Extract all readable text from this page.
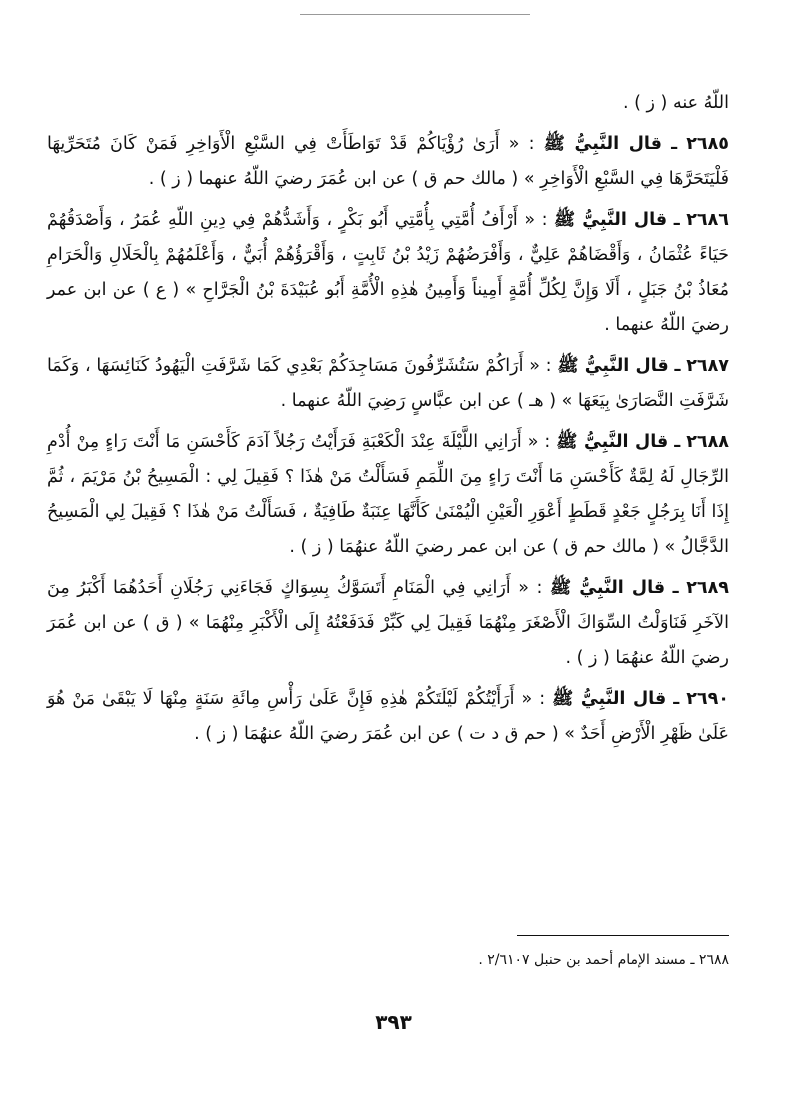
اللّهُ عنه ( ز ) .

٢٦٨٥ ـ قال النَّبِيُّ ﷺ : « أَرَىٰ رُؤْيَاكُمْ قَدْ تَوَاطَأَتْ فِي السَّبْعِ الْأَوَاخِرِ فَمَنْ كَانَ مُتَحَرِّيهَا فَلْيَتَحَرَّهَا فِي السَّبْعِ الْأَوَاخِرِ » ( مالك حم ق ) عن ابن عُمَرَ رضيَ اللّهُ عنهما ( ز ) .

٢٦٨٦ ـ قال النَّبِيُّ ﷺ : « أَرْأَفُ أُمَّتِي بِأُمَّتِي أَبُو بَكْرٍ ، وَأَشَدُّهُمْ فِي دِينِ اللّهِ عُمَرُ ، وَأَصْدَقُهُمْ حَيَاءً عُثْمَانُ ، وَأَقْضَاهُمْ عَلِيٌّ ، وَأَفْرَضُهُمْ زَيْدُ بْنُ ثَابِتٍ ، وَأَقْرَؤُهُمْ أُبَيٌّ ، وَأَعْلَمُهُمْ بِالْحَلَالِ وَالْحَرَامِ مُعَاذُ بْنُ جَبَلٍ ، أَلَا وَإِنَّ لِكُلِّ أُمَّةٍ أَمِيناً وَأَمِينُ هٰذِهِ الْأُمَّةِ أَبُو عُبَيْدَةَ بْنُ الْجَرَّاحِ » ( ع ) عن ابن عمر رضيَ اللّهُ عنهما .

٢٦٨٧ ـ قال النَّبِيُّ ﷺ : « أَرَاكُمْ سَتُشَرِّفُونَ مَسَاجِدَكُمْ بَعْدِي كَمَا شَرَّفَتِ الْيَهُودُ كَنَائِسَهَا ، وَكَمَا شَرَّفَتِ النَّصَارَىٰ بِيَعَهَا » ( هـ ) عن ابن عبَّاسٍ رَضِيَ اللّهُ عنهما .

٢٦٨٨ ـ قال النَّبِيُّ ﷺ : « أَرَانِي اللَّيْلَةَ عِنْدَ الْكَعْبَةِ فَرَأَيْتُ رَجُلاً آدَمَ كَأَحْسَنِ مَا أَنْتَ رَاءٍ مِنْ أُدْمِ الرِّجَالِ لَهُ لِمَّةٌ كَأَحْسَنِ مَا أَنْتَ رَاءٍ مِنَ اللِّمَمِ فَسَأَلْتُ مَنْ هٰذَا ؟ فَقِيلَ لِي : الْمَسِيحُ بْنُ مَرْيَمَ ، ثُمَّ إِذَا أَنَا بِرَجُلٍ جَعْدٍ قَطَطٍ أَعْوَرِ الْعَيْنِ الْيُمْنَىٰ كَأَنَّهَا عِنَبَةٌ طَافِيَةٌ ، فَسَأَلْتُ مَنْ هٰذَا ؟ فَقِيلَ لِي الْمَسِيحُ الدَّجَّالُ » ( مالك حم ق ) عن ابن عمر رضيَ اللّهُ عنهُمَا ( ز ) .

٢٦٨٩ ـ قال النَّبِيُّ ﷺ : « أَرَانِي فِي الْمَنَامِ أَتَسَوَّكُ بِسِوَاكٍ فَجَاءَنِي رَجُلَانِ أَحَدُهُمَا أَكْبَرُ مِنَ الآخَرِ فَنَاوَلْتُ السِّوَاكَ الْأَصْغَرَ مِنْهُمَا فَقِيلَ لِي كَبِّرْ فَدَفَعْتُهُ إِلَى الْأَكْبَرِ مِنْهُمَا » ( ق ) عن ابن عُمَرَ رضيَ اللّهُ عنهُمَا ( ز ) .

٢٦٩٠ ـ قال النَّبِيُّ ﷺ : « أَرَأَيْتُكُمْ لَيْلَتَكُمْ هٰذِهِ فَإِنَّ عَلَىٰ رَأْسِ مِائَةِ سَنَةٍ مِنْهَا لَا يَبْقَىٰ مَنْ هُوَ عَلَىٰ ظَهْرِ الْأَرْضِ أَحَدٌ » ( حم ق د ت ) عن ابن عُمَرَ رضيَ اللّهُ عنهُمَا ( ز ) .

٢٦٨٨ ـ مسند الإمام أحمد بن حنبل ٢/٦١٠٧ .
٣٩٣
